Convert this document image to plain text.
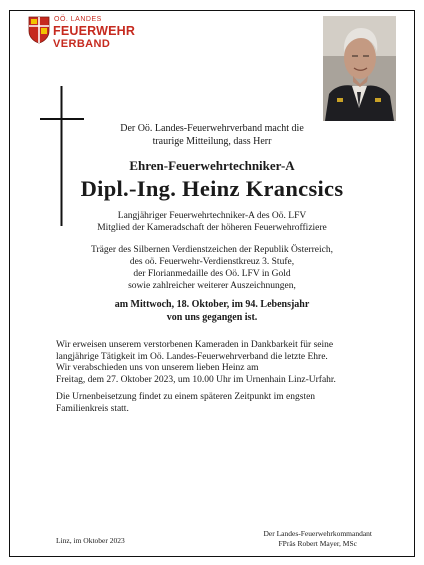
OÖ. LANDES
FEUERWEHR
VERBAND
Der Oö. Landes-Feuerwehrverband macht die
traurige Mitteilung, dass Herr
Ehren-Feuerwehrtechniker-A
Dipl.-Ing. Heinz Krancsics
Langjähriger Feuerwehrtechniker-A des Oö. LFV
Mitglied der Kameradschaft der höheren Feuerwehroffiziere
Träger des Silbernen Verdienstzeichen der Republik Österreich,
des oö. Feuerwehr-Verdienstkreuz 3. Stufe,
der Florianmedaille des Oö. LFV in Gold
sowie zahlreicher weiterer Auszeichnungen,
am Mittwoch, 18. Oktober, im 94. Lebensjahr
von uns gegangen ist.
Wir erweisen unserem verstorbenen Kameraden in Dankbarkeit für seine
langjährige Tätigkeit im Oö. Landes-Feuerwehrverband die letzte Ehre.
Wir verabschieden uns von unserem lieben Heinz am
Freitag, dem 27. Oktober 2023, um 10.00 Uhr im Urnenhain Linz-Urfahr.
Die Urnenbeisetzung findet zu einem späteren Zeitpunkt im engsten
Familienkreis statt.
Linz, im Oktober 2023
Der Landes-Feuerwehrkommandant
FPräs Robert Mayer, MSc
